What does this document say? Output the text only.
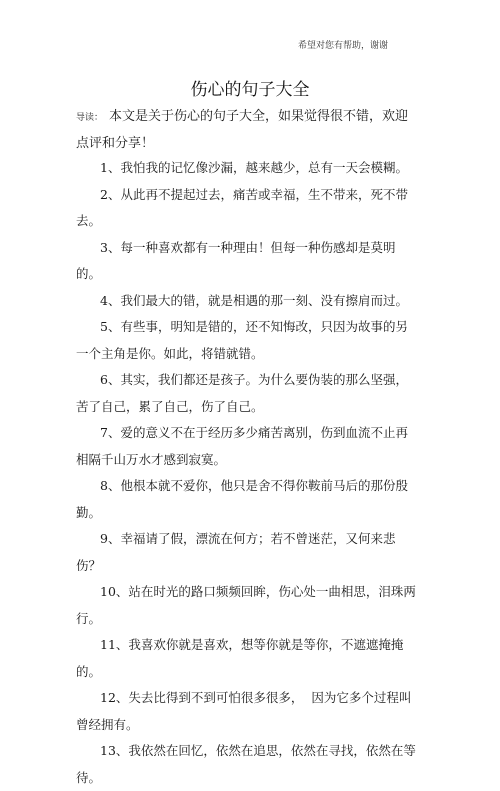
希望对您有帮助，谢谢
伤心的句子大全

导读： 本文是关于伤心的句子大全，如果觉得很不错，欢迎点评和分享！

1、我怕我的记忆像沙漏，越来越少，总有一天会模糊。
2、从此再不提起过去，痛苦或幸福，生不带来，死不带去。
3、每一种喜欢都有一种理由！但每一种伤感却是莫明的。
4、我们最大的错，就是相遇的那一刻、没有擦肩而过。
5、有些事，明知是错的，还不知悔改，只因为故事的另一个主角是你。如此，将错就错。
6、其实，我们都还是孩子。为什么要伪装的那么坚强，苦了自己，累了自己，伤了自己。
7、爱的意义不在于经历多少痛苦离别，伤到血流不止再相隔千山万水才感到寂寞。
8、他根本就不爱你，他只是舍不得你鞍前马后的那份殷勤。
9、幸福请了假，漂流在何方；若不曾迷茫，又何来悲伤？
10、站在时光的路口频频回眸，伤心处一曲相思，泪珠两行。
11、我喜欢你就是喜欢，想等你就是等你，不遮遮掩掩的。
12、失去比得到不到可怕很多很多，  因为它多个过程叫曾经拥有。
13、我依然在回忆，依然在追思，依然在寻找，依然在等待。
